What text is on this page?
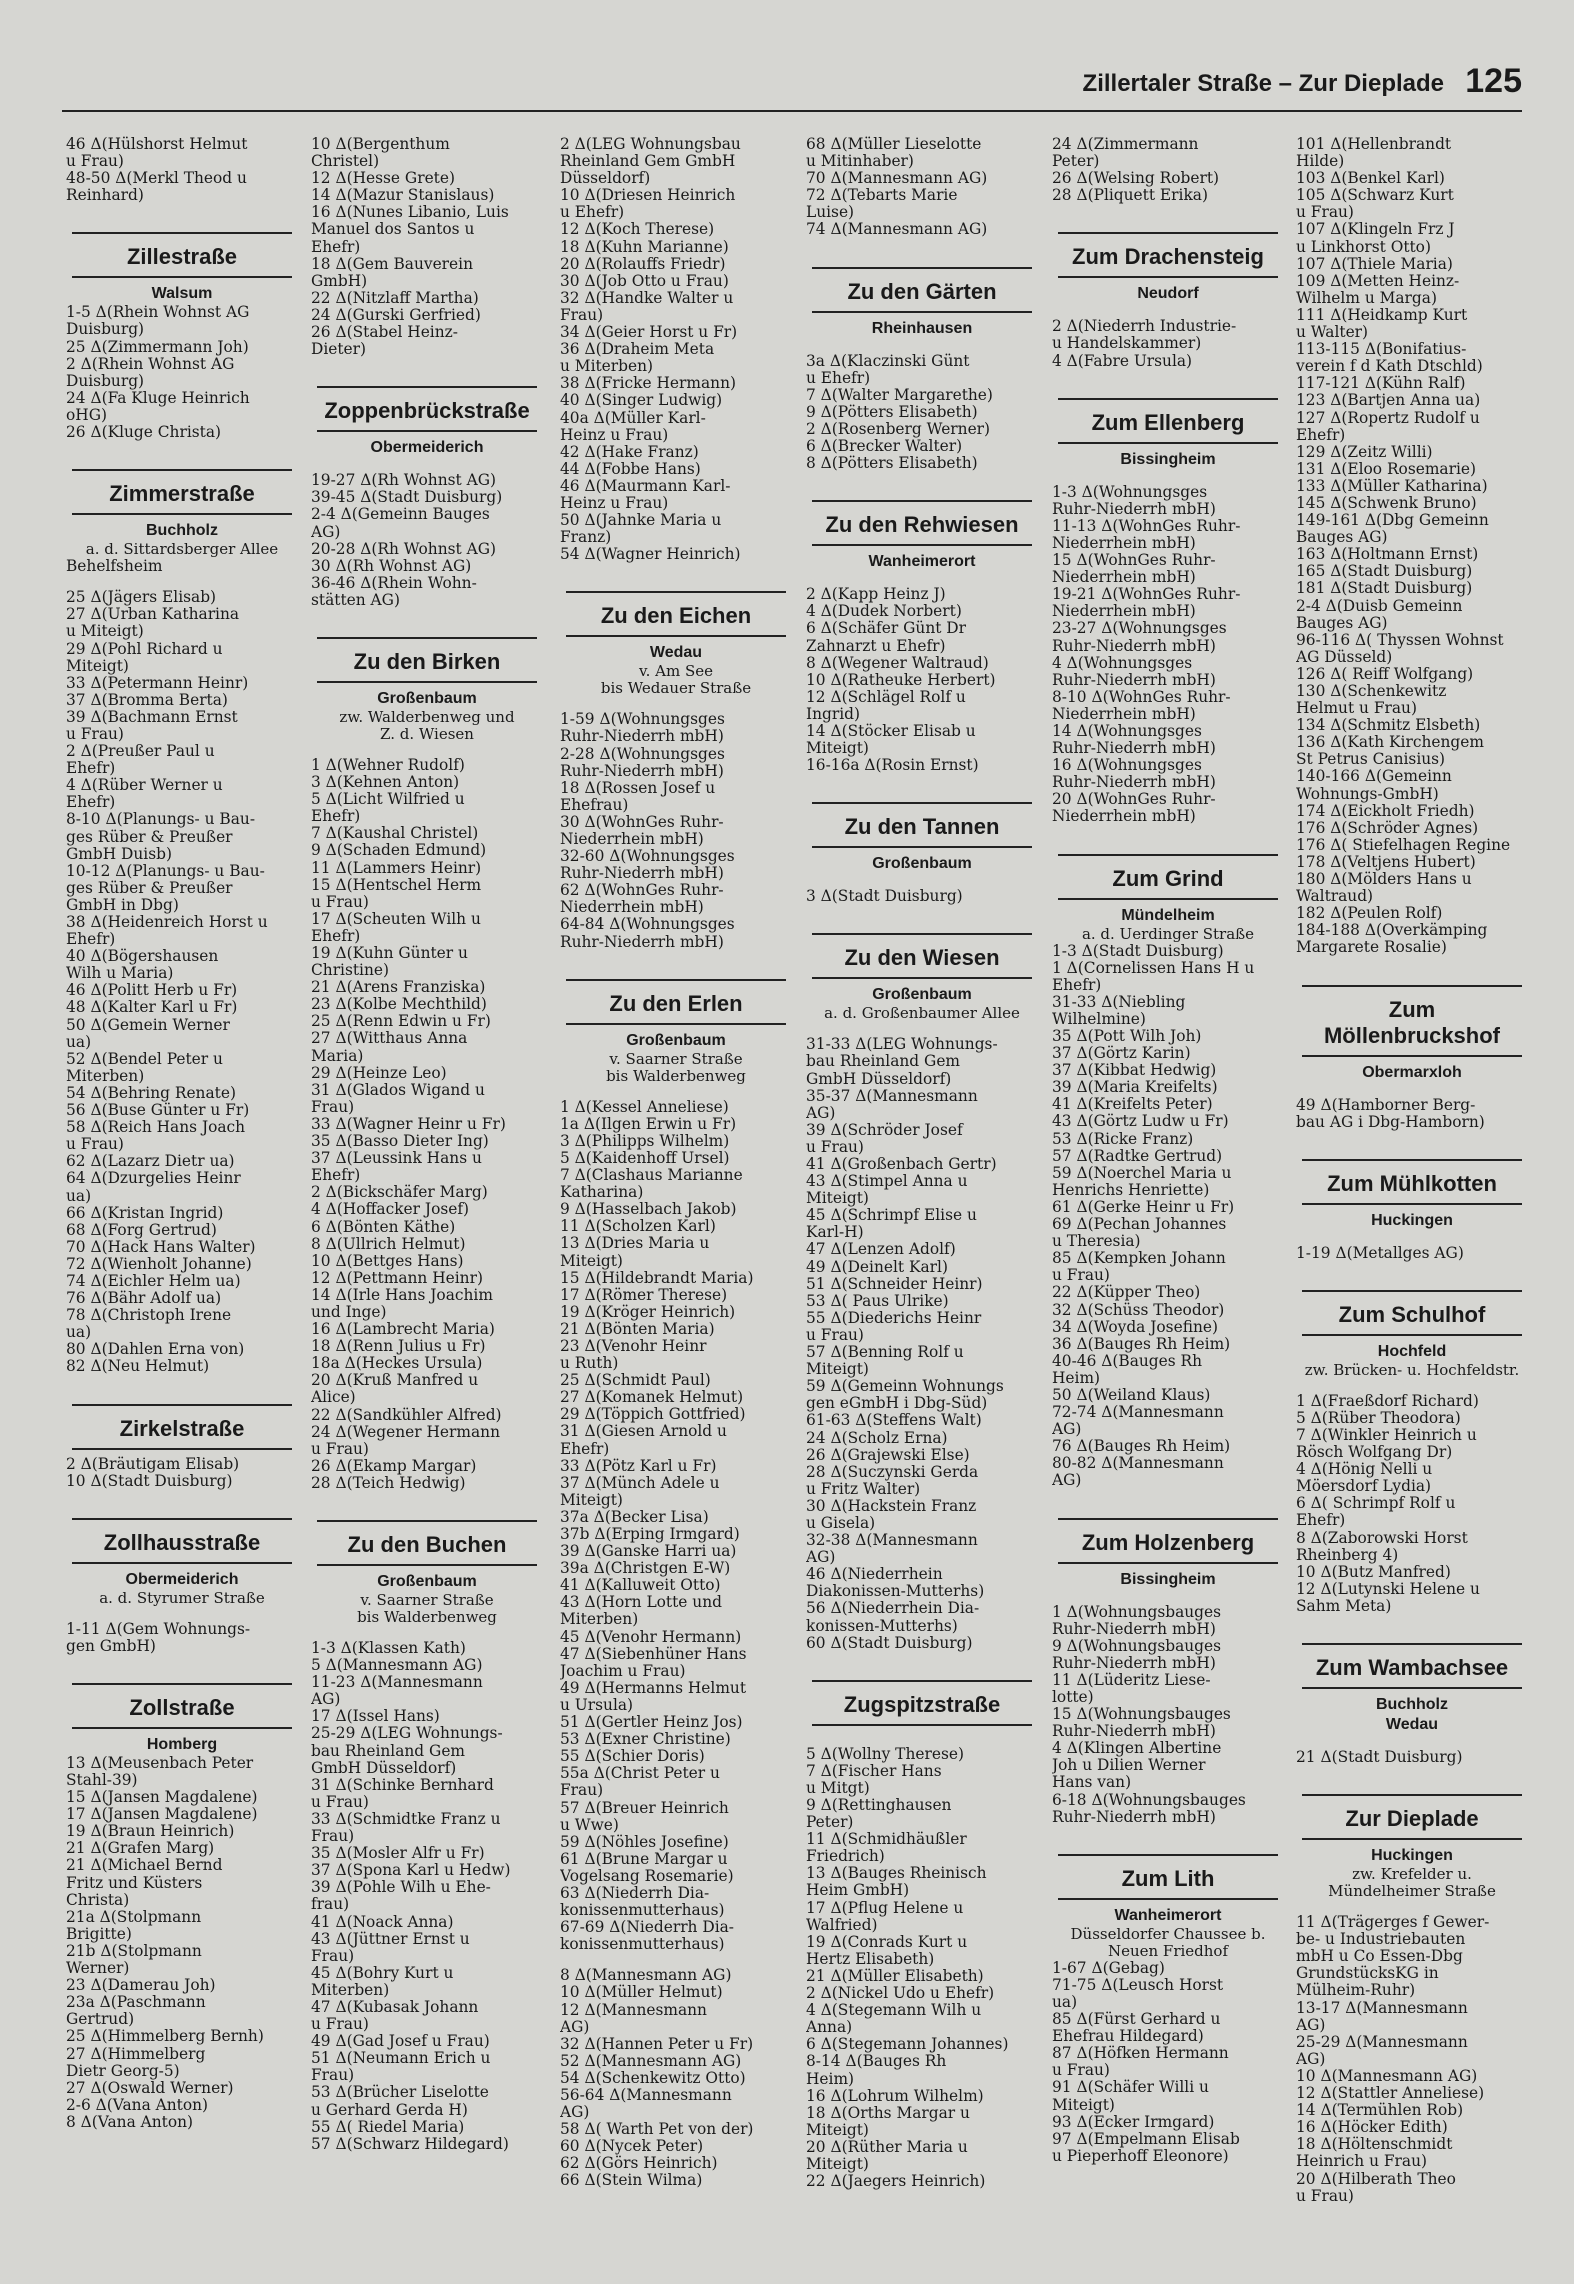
Zillertaler Straße – Zur Dieplade 125
46 Δ(Hülshorst Helmut
u Frau)
48-50 Δ(Merkl Theod u
Reinhard)
Zillestraße
Walsum
1-5 Δ(Rhein Wohnst AG
Duisburg)
25 Δ(Zimmermann Joh)
2 Δ(Rhein Wohnst AG
Duisburg)
24 Δ(Fa Kluge Heinrich
oHG)
26 Δ(Kluge Christa)
Zimmerstraße
Buchholz
a. d. Sittardsberger Allee
Behelfsheim
25 Δ(Jägers Elisab)
27 Δ(Urban Katharina
u Miteigt)
29 Δ(Pohl Richard u
Miteigt)
33 Δ(Petermann Heinr)
37 Δ(Bromma Berta)
39 Δ(Bachmann Ernst
u Frau)
2 Δ(Preußer Paul u
Ehefr)
4 Δ(Rüber Werner u
Ehefr)
8-10 Δ(Planungs- u Bau-
ges Rüber & Preußer
GmbH Duisb)
10-12 Δ(Planungs- u Bau-
ges Rüber & Preußer
GmbH in Dbg)
38 Δ(Heidenreich Horst u
Ehefr)
40 Δ(Bögershausen
Wilh u Maria)
46 Δ(Politt Herb u Fr)
48 Δ(Kalter Karl u Fr)
50 Δ(Gemein Werner
ua)
52 Δ(Bendel Peter u
Miterben)
54 Δ(Behring Renate)
56 Δ(Buse Günter u Fr)
58 Δ(Reich Hans Joach
u Frau)
62 Δ(Lazarz Dietr ua)
64 Δ(Dzurgelies Heinr
ua)
66 Δ(Kristan Ingrid)
68 Δ(Forg Gertrud)
70 Δ(Hack Hans Walter)
72 Δ(Wienholt Johanne)
74 Δ(Eichler Helm ua)
76 Δ(Bähr Adolf ua)
78 Δ(Christoph Irene
ua)
80 Δ(Dahlen Erna von)
82 Δ(Neu Helmut)
Zirkelstraße
2 Δ(Bräutigam Elisab)
10 Δ(Stadt Duisburg)
Zollhausstraße
Obermeiderich
a. d. Styrumer Straße
1-11 Δ(Gem Wohnungs-
gen GmbH)
Zollstraße
Homberg
13 Δ(Meusenbach Peter
Stahl-39)
15 Δ(Jansen Magdalene)
17 Δ(Jansen Magdalene)
19 Δ(Braun Heinrich)
21 Δ(Grafen Marg)
21 Δ(Michael Bernd
Fritz und Küsters
Christa)
21a Δ(Stolpmann
Brigitte)
21b Δ(Stolpmann
Werner)
23 Δ(Damerau Joh)
23a Δ(Paschmann
Gertrud)
25 Δ(Himmelberg Bernh)
27 Δ(Himmelberg
Dietr Georg-5)
27 Δ(Oswald Werner)
2-6 Δ(Vana Anton)
8 Δ(Vana Anton)
10 Δ(Bergenthum
Christel)
12 Δ(Hesse Grete)
14 Δ(Mazur Stanislaus)
16 Δ(Nunes Libanio, Luis
Manuel dos Santos u
Ehefr)
18 Δ(Gem Bauverein
GmbH)
22 Δ(Nitzlaff Martha)
24 Δ(Gurski Gerfried)
26 Δ(Stabel Heinz-
Dieter)
Zoppenbrückstraße
Obermeiderich
19-27 Δ(Rh Wohnst AG)
39-45 Δ(Stadt Duisburg)
2-4 Δ(Gemeinn Bauges
AG)
20-28 Δ(Rh Wohnst AG)
30 Δ(Rh Wohnst AG)
36-46 Δ(Rhein Wohn-
stätten AG)
Zu den Birken
Großenbaum
zw. Walderbenweg und
Z. d. Wiesen
1 Δ(Wehner Rudolf)
3 Δ(Kehnen Anton)
5 Δ(Licht Wilfried u
Ehefr)
7 Δ(Kaushal Christel)
9 Δ(Schaden Edmund)
11 Δ(Lammers Heinr)
15 Δ(Hentschel Herm
u Frau)
17 Δ(Scheuten Wilh u
Ehefr)
19 Δ(Kuhn Günter u
Christine)
21 Δ(Arens Franziska)
23 Δ(Kolbe Mechthild)
25 Δ(Renn Edwin u Fr)
27 Δ(Witthaus Anna
Maria)
29 Δ(Heinze Leo)
31 Δ(Glados Wigand u
Frau)
33 Δ(Wagner Heinr u Fr)
35 Δ(Basso Dieter Ing)
37 Δ(Leussink Hans u
Ehefr)
2 Δ(Bickschäfer Marg)
4 Δ(Hoffacker Josef)
6 Δ(Bönten Käthe)
8 Δ(Ullrich Helmut)
10 Δ(Bettges Hans)
12 Δ(Pettmann Heinr)
14 Δ(Irle Hans Joachim
und Inge)
16 Δ(Lambrecht Maria)
18 Δ(Renn Julius u Fr)
18a Δ(Heckes Ursula)
20 Δ(Kruß Manfred u
Alice)
22 Δ(Sandkühler Alfred)
24 Δ(Wegener Hermann
u Frau)
26 Δ(Ekamp Margar)
28 Δ(Teich Hedwig)
Zu den Buchen
Großenbaum
v. Saarner Straße
bis Walderbenweg
1-3 Δ(Klassen Kath)
5 Δ(Mannesmann AG)
11-23 Δ(Mannesmann
AG)
17 Δ(Issel Hans)
25-29 Δ(LEG Wohnungs-
bau Rheinland Gem
GmbH Düsseldorf)
31 Δ(Schinke Bernhard
u Frau)
33 Δ(Schmidtke Franz u
Frau)
35 Δ(Mosler Alfr u Fr)
37 Δ(Spona Karl u Hedw)
39 Δ(Pohle Wilh u Ehe-
frau)
41 Δ(Noack Anna)
43 Δ(Jüttner Ernst u
Frau)
45 Δ(Bohry Kurt u
Miterben)
47 Δ(Kubasak Johann
u Frau)
49 Δ(Gad Josef u Frau)
51 Δ(Neumann Erich u
Frau)
53 Δ(Brücher Liselotte
u Gerhard Gerda H)
55 Δ( Riedel Maria)
57 Δ(Schwarz Hildegard)
2 Δ(LEG Wohnungsbau
Rheinland Gem GmbH
Düsseldorf)
10 Δ(Driesen Heinrich
u Ehefr)
12 Δ(Koch Therese)
18 Δ(Kuhn Marianne)
20 Δ(Rolauffs Friedr)
30 Δ(Job Otto u Frau)
32 Δ(Handke Walter u
Frau)
34 Δ(Geier Horst u Fr)
36 Δ(Draheim Meta
u Miterben)
38 Δ(Fricke Hermann)
40 Δ(Singer Ludwig)
40a Δ(Müller Karl-
Heinz u Frau)
42 Δ(Hake Franz)
44 Δ(Fobbe Hans)
46 Δ(Maurmann Karl-
Heinz u Frau)
50 Δ(Jahnke Maria u
Franz)
54 Δ(Wagner Heinrich)
Zu den Eichen
Wedau
v. Am See
bis Wedauer Straße
1-59 Δ(Wohnungsges
Ruhr-Niederrh mbH)
2-28 Δ(Wohnungsges
Ruhr-Niederrh mbH)
18 Δ(Rossen Josef u
Ehefrau)
30 Δ(WohnGes Ruhr-
Niederrhein mbH)
32-60 Δ(Wohnungsges
Ruhr-Niederrh mbH)
62 Δ(WohnGes Ruhr-
Niederrhein mbH)
64-84 Δ(Wohnungsges
Ruhr-Niederrh mbH)
Zu den Erlen
Großenbaum
v. Saarner Straße
bis Walderbenweg
1 Δ(Kessel Anneliese)
1a Δ(Ilgen Erwin u Fr)
3 Δ(Philipps Wilhelm)
5 Δ(Kaidenhoff Ursel)
7 Δ(Clashaus Marianne
Katharina)
9 Δ(Hasselbach Jakob)
11 Δ(Scholzen Karl)
13 Δ(Dries Maria u
Miteigt)
15 Δ(Hildebrandt Maria)
17 Δ(Römer Therese)
19 Δ(Kröger Heinrich)
21 Δ(Bönten Maria)
23 Δ(Venohr Heinr
u Ruth)
25 Δ(Schmidt Paul)
27 Δ(Komanek Helmut)
29 Δ(Töppich Gottfried)
31 Δ(Giesen Arnold u
Ehefr)
33 Δ(Pötz Karl u Fr)
37 Δ(Münch Adele u
Miteigt)
37a Δ(Becker Lisa)
37b Δ(Erping Irmgard)
39 Δ(Ganske Harri ua)
39a Δ(Christgen E-W)
41 Δ(Kalluweit Otto)
43 Δ(Horn Lotte und
Miterben)
45 Δ(Venohr Hermann)
47 Δ(Siebenhüner Hans
Joachim u Frau)
49 Δ(Hermanns Helmut
u Ursula)
51 Δ(Gertler Heinz Jos)
53 Δ(Exner Christine)
55 Δ(Schier Doris)
55a Δ(Christ Peter u
Frau)
57 Δ(Breuer Heinrich
u Wwe)
59 Δ(Nöhles Josefine)
61 Δ(Brune Margar u
Vogelsang Rosemarie)
63 Δ(Niederrh Dia-
konissenmutterhaus)
67-69 Δ(Niederrh Dia-
konissenmutterhaus)
8 Δ(Mannesmann AG)
10 Δ(Müller Helmut)
12 Δ(Mannesmann
AG)
32 Δ(Hannen Peter u Fr)
52 Δ(Mannesmann AG)
54 Δ(Schenkewitz Otto)
56-64 Δ(Mannesmann
AG)
58 Δ( Warth Pet von der)
60 Δ(Nycek Peter)
62 Δ(Görs Heinrich)
66 Δ(Stein Wilma)
68 Δ(Müller Lieselotte
u Mitinhaber)
70 Δ(Mannesmann AG)
72 Δ(Tebarts Marie
Luise)
74 Δ(Mannesmann AG)
Zu den Gärten
Rheinhausen
3a Δ(Klaczinski Günt
u Ehefr)
7 Δ(Walter Margarethe)
9 Δ(Pötters Elisabeth)
2 Δ(Rosenberg Werner)
6 Δ(Brecker Walter)
8 Δ(Pötters Elisabeth)
Zu den Rehwiesen
Wanheimerort
2 Δ(Kapp Heinz J)
4 Δ(Dudek Norbert)
6 Δ(Schäfer Günt Dr
Zahnarzt u Ehefr)
8 Δ(Wegener Waltraud)
10 Δ(Ratheuke Herbert)
12 Δ(Schlägel Rolf u
Ingrid)
14 Δ(Stöcker Elisab u
Miteigt)
16-16a Δ(Rosin Ernst)
Zu den Tannen
Großenbaum
3 Δ(Stadt Duisburg)
Zu den Wiesen
Großenbaum
a. d. Großenbaumer Allee
31-33 Δ(LEG Wohnungs-
bau Rheinland Gem
GmbH Düsseldorf)
35-37 Δ(Mannesmann
AG)
39 Δ(Schröder Josef
u Frau)
41 Δ(Großenbach Gertr)
43 Δ(Stimpel Anna u
Miteigt)
45 Δ(Schrimpf Elise u
Karl-H)
47 Δ(Lenzen Adolf)
49 Δ(Deinelt Karl)
51 Δ(Schneider Heinr)
53 Δ( Paus Ulrike)
55 Δ(Diederichs Heinr
u Frau)
57 Δ(Benning Rolf u
Miteigt)
59 Δ(Gemeinn Wohnungs
gen eGmbH i Dbg-Süd)
61-63 Δ(Steffens Walt)
24 Δ(Scholz Erna)
26 Δ(Grajewski Else)
28 Δ(Suczynski Gerda
u Fritz Walter)
30 Δ(Hackstein Franz
u Gisela)
32-38 Δ(Mannesmann
AG)
46 Δ(Niederrhein
Diakonissen-Mutterhs)
56 Δ(Niederrhein Dia-
konissen-Mutterhs)
60 Δ(Stadt Duisburg)
Zugspitzstraße
5 Δ(Wollny Therese)
7 Δ(Fischer Hans
u Mitgt)
9 Δ(Rettinghausen
Peter)
11 Δ(Schmidhäußler
Friedrich)
13 Δ(Bauges Rheinisch
Heim GmbH)
17 Δ(Pflug Helene u
Walfried)
19 Δ(Conrads Kurt u
Hertz Elisabeth)
21 Δ(Müller Elisabeth)
2 Δ(Nickel Udo u Ehefr)
4 Δ(Stegemann Wilh u
Anna)
6 Δ(Stegemann Johannes)
8-14 Δ(Bauges Rh
Heim)
16 Δ(Lohrum Wilhelm)
18 Δ(Orths Margar u
Miteigt)
20 Δ(Rüther Maria u
Miteigt)
22 Δ(Jaegers Heinrich)
24 Δ(Zimmermann
Peter)
26 Δ(Welsing Robert)
28 Δ(Pliquett Erika)
Zum Drachensteig
Neudorf
2 Δ(Niederrh Industrie-
u Handelskammer)
4 Δ(Fabre Ursula)
Zum Ellenberg
Bissingheim
1-3 Δ(Wohnungsges
Ruhr-Niederrh mbH)
11-13 Δ(WohnGes Ruhr-
Niederrhein mbH)
15 Δ(WohnGes Ruhr-
Niederrhein mbH)
19-21 Δ(WohnGes Ruhr-
Niederrhein mbH)
23-27 Δ(Wohnungsges
Ruhr-Niederrh mbH)
4 Δ(Wohnungsges
Ruhr-Niederrh mbH)
8-10 Δ(WohnGes Ruhr-
Niederrhein mbH)
14 Δ(Wohnungsges
Ruhr-Niederrh mbH)
16 Δ(Wohnungsges
Ruhr-Niederrh mbH)
20 Δ(WohnGes Ruhr-
Niederrhein mbH)
Zum Grind
Mündelheim
a. d. Uerdinger Straße
1-3 Δ(Stadt Duisburg)
1 Δ(Cornelissen Hans H u
Ehefr)
31-33 Δ(Niebling
Wilhelmine)
35 Δ(Pott Wilh Joh)
37 Δ(Görtz Karin)
37 Δ(Kibbat Hedwig)
39 Δ(Maria Kreifelts)
41 Δ(Kreifelts Peter)
43 Δ(Görtz Ludw u Fr)
53 Δ(Ricke Franz)
57 Δ(Radtke Gertrud)
59 Δ(Noerchel Maria u
Henrichs Henriette)
61 Δ(Gerke Heinr u Fr)
69 Δ(Pechan Johannes
u Theresia)
85 Δ(Kempken Johann
u Frau)
22 Δ(Küpper Theo)
32 Δ(Schüss Theodor)
34 Δ(Woyda Josefine)
36 Δ(Bauges Rh Heim)
40-46 Δ(Bauges Rh
Heim)
50 Δ(Weiland Klaus)
72-74 Δ(Mannesmann
AG)
76 Δ(Bauges Rh Heim)
80-82 Δ(Mannesmann
AG)
Zum Holzenberg
Bissingheim
1 Δ(Wohnungsbauges
Ruhr-Niederrh mbH)
9 Δ(Wohnungsbauges
Ruhr-Niederrh mbH)
11 Δ(Lüderitz Liese-
lotte)
15 Δ(Wohnungsbauges
Ruhr-Niederrh mbH)
4 Δ(Klingen Albertine
Joh u Dilien Werner
Hans van)
6-18 Δ(Wohnungsbauges
Ruhr-Niederrh mbH)
Zum Lith
Wanheimerort
Düsseldorfer Chaussee b.
Neuen Friedhof
1-67 Δ(Gebag)
71-75 Δ(Leusch Horst
ua)
85 Δ(Fürst Gerhard u
Ehefrau Hildegard)
87 Δ(Höfken Hermann
u Frau)
91 Δ(Schäfer Willi u
Miteigt)
93 Δ(Ecker Irmgard)
97 Δ(Empelmann Elisab
u Pieperhoff Eleonore)
101 Δ(Hellenbrandt
Hilde)
103 Δ(Benkel Karl)
105 Δ(Schwarz Kurt
u Frau)
107 Δ(Klingeln Frz J
u Linkhorst Otto)
107 Δ(Thiele Maria)
109 Δ(Metten Heinz-
Wilhelm u Marga)
111 Δ(Heidkamp Kurt
u Walter)
113-115 Δ(Bonifatius-
verein f d Kath Dtschld)
117-121 Δ(Kühn Ralf)
123 Δ(Bartjen Anna ua)
127 Δ(Ropertz Rudolf u
Ehefr)
129 Δ(Zeitz Willi)
131 Δ(Eloo Rosemarie)
133 Δ(Müller Katharina)
145 Δ(Schwenk Bruno)
149-161 Δ(Dbg Gemeinn
Bauges AG)
163 Δ(Holtmann Ernst)
165 Δ(Stadt Duisburg)
181 Δ(Stadt Duisburg)
2-4 Δ(Duisb Gemeinn
Bauges AG)
96-116 Δ( Thyssen Wohnst
AG Düsseld)
126 Δ( Reiff Wolfgang)
130 Δ(Schenkewitz
Helmut u Frau)
134 Δ(Schmitz Elsbeth)
136 Δ(Kath Kirchengem
St Petrus Canisius)
140-166 Δ(Gemeinn
Wohnungs-GmbH)
174 Δ(Eickholt Friedh)
176 Δ(Schröder Agnes)
176 Δ( Stiefelhagen Regine
178 Δ(Veltjens Hubert)
180 Δ(Mölders Hans u
Waltraud)
182 Δ(Peulen Rolf)
184-188 Δ(Overkämping
Margarete Rosalie)
Zum Möllenbruckshof
Obermarxloh
49 Δ(Hamborner Berg-
bau AG i Dbg-Hamborn)
Zum Mühlkotten
Huckingen
1-19 Δ(Metallges AG)
Zum Schulhof
Hochfeld
zw. Brücken- u. Hochfeldstr.
1 Δ(Fraeßdorf Richard)
5 Δ(Rüber Theodora)
7 Δ(Winkler Heinrich u
Rösch Wolfgang Dr)
4 Δ(Hönig Nelli u
Möersdorf Lydia)
6 Δ( Schrimpf Rolf u
Ehefr)
8 Δ(Zaborowski Horst
Rheinberg 4)
10 Δ(Butz Manfred)
12 Δ(Lutynski Helene u
Sahm Meta)
Zum Wambachsee
Buchholz
Wedau
21 Δ(Stadt Duisburg)
Zur Dieplade
Huckingen
zw. Krefelder u.
Mündelheimer Straße
11 Δ(Trägerges f Gewer-
be- u Industriebauten
mbH u Co Essen-Dbg
GrundstücksKG in
Mülheim-Ruhr)
13-17 Δ(Mannesmann
AG)
25-29 Δ(Mannesmann
AG)
10 Δ(Mannesmann AG)
12 Δ(Stattler Anneliese)
14 Δ(Termühlen Rob)
16 Δ(Höcker Edith)
18 Δ(Höltenschmidt
Heinrich u Frau)
20 Δ(Hilberath Theo
u Frau)
